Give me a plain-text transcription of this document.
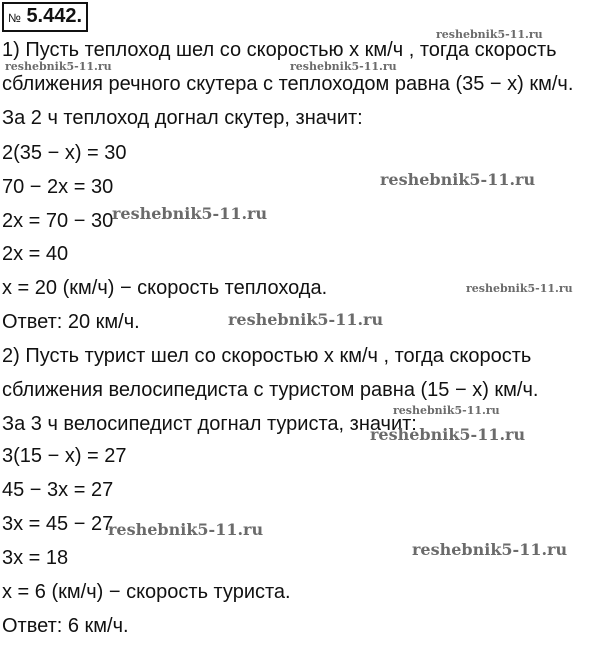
№ 5.442.
1) Пусть теплоход шел со скоростью x км/ч , тогда скорость
сближения речного скутера с теплоходом равна (35 − x) км/ч.
За 2 ч теплоход догнал скутер, значит:
2(35 − x) = 30
70 − 2x = 30
2x = 70 − 30
2x = 40
x = 20 (км/ч) − скорость теплохода.
Ответ: 20 км/ч.
2) Пусть турист шел со скоростью x км/ч , тогда скорость
сближения велосипедиста с туристом равна (15 − x) км/ч.
За 3 ч велосипедист догнал туриста, значит:
3(15 − x) = 27
45 − 3x = 27
3x = 45 − 27
3x = 18
x = 6 (км/ч) − скорость туриста.
Ответ: 6 км/ч.
reshebnik5-11.ru
reshebnik5-11.ru	reshebnik5-11.ru
reshebnik5-11.ru
reshebnik5-11.ru
reshebnik5-11.ru
reshebnik5-11.ru
reshebnik5-11.ru
reshebnik5-11.ru
reshebnik5-11.ru
reshebnik5-11.ru
